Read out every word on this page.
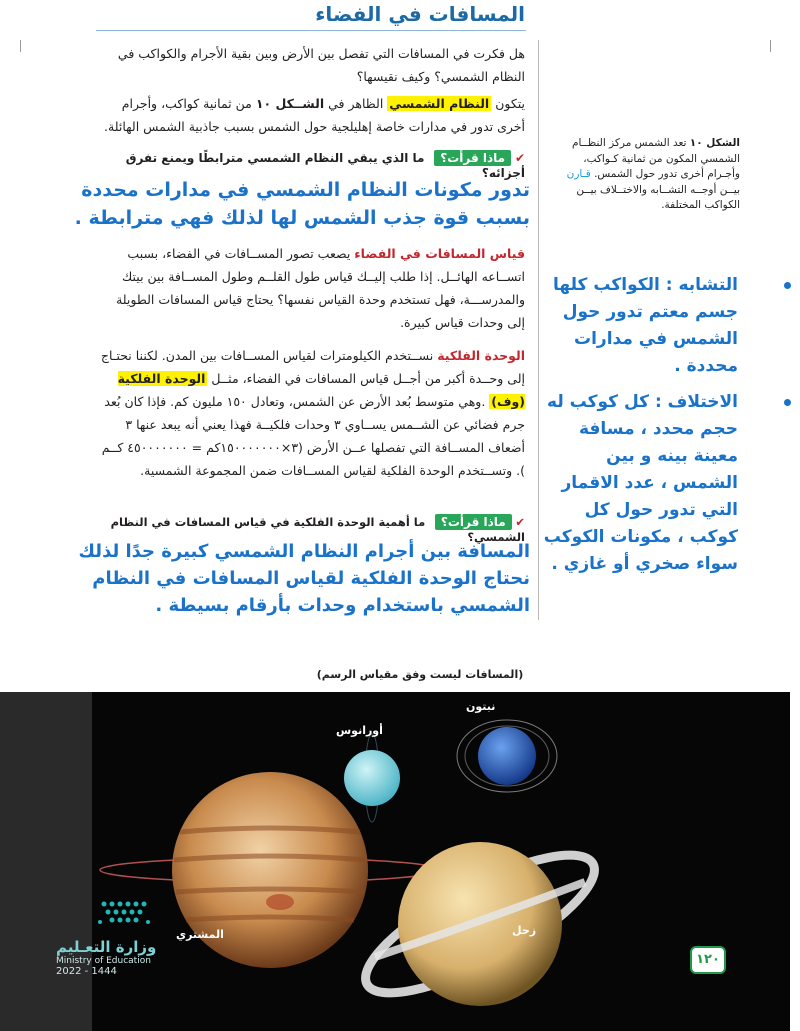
المسافات في الفضاء
هل فكرت في المسافات التي تفصل بين الأرض وبين بقية الأجرام والكواكب في النظام الشمسي؟ وكيف نقيسها؟
يتكون النظام الشمسي الظاهر في الشــكل ١٠ من ثمانية كواكب، وأجرام أخرى تدور في مدارات خاصة إهليلجية حول الشمس بسبب جاذبية الشمس الهائلة.
✔ ماذا قرأت؟ ما الذي يبقي النظام الشمسي مترابطًا ويمنع تفرق أجزائه؟
تدور مكونات النظام الشمسي في مدارات محددة بسبب قوة جذب الشمس لها لذلك فهي مترابطة .
قياس المسافات في الفضاء يصعب تصور المســافات في الفضاء، بسبب اتســاعه الهائــل. إذا طلب إليــك قياس طول القلــم وطول المســافة بين بيتك والمدرســـة، فهل تستخدم وحدة القياس نفسها؟ يحتاج قياس المسافات الطويلة إلى وحدات قياس كبيرة.
الوحدة الفلكية نســتخدم الكيلومترات لقياس المســافات بين المدن. لكننا نحتـاج إلى وحــدة أكبر من أجــل قياس المسافات في الفضاء، مثــل الوحدة الفلكية (وف) .وهي متوسط بُعد الأرض عن الشمس، وتعادل ١٥٠ مليون كم. فإذا كان بُعد جرم فضائي عن الشــمس يســاوي ٣ وحدات فلكيــة فهذا يعني أنه يبعد عنها ٣ أضعاف المســافة التي تفصلها عــن الأرض (٣×١٥٠٠٠٠٠٠٠كم = ٤٥٠٠٠٠٠٠٠ كــم ). وتســتخدم الوحدة الفلكية لقياس المســافات ضمن المجموعة الشمسية.
✔ ماذا قرأت؟ ما أهمية الوحدة الفلكية في قياس المسافات في النظام الشمسي؟
المسافة بين أجرام النظام الشمسي كبيرة جدًا لذلك نحتاج الوحدة الفلكية لقياس المسافات في النظام الشمسي باستخدام وحدات بأرقام بسيطة .
الشكل ١٠ تعد الشمس مركز النظــام الشمسي المكون من ثمانية كـواكب، وأجـرام أخرى تدور حول الشمس. قـارن بيــن أوجــه التشــابه والاختــلاف بيــن الكواكب المختلفة.
التشابه : الكواكب كلها جسم معتم تدور حول الشمس في مدارات محددة .
الاختلاف : كل كوكب له حجم محدد ، مسافة معينة بينه و بين الشمس ، عدد الاقمار التي تدور حول كل كوكب ، مكونات الكوكب سواء صخري أو غازي .
(المسافات ليست وفق مقياس الرسم)
نبتون
أورانوس
المشتري	زحل
وزارة التعـليم
Ministry of Education
2022 - 1444
١٢٠
